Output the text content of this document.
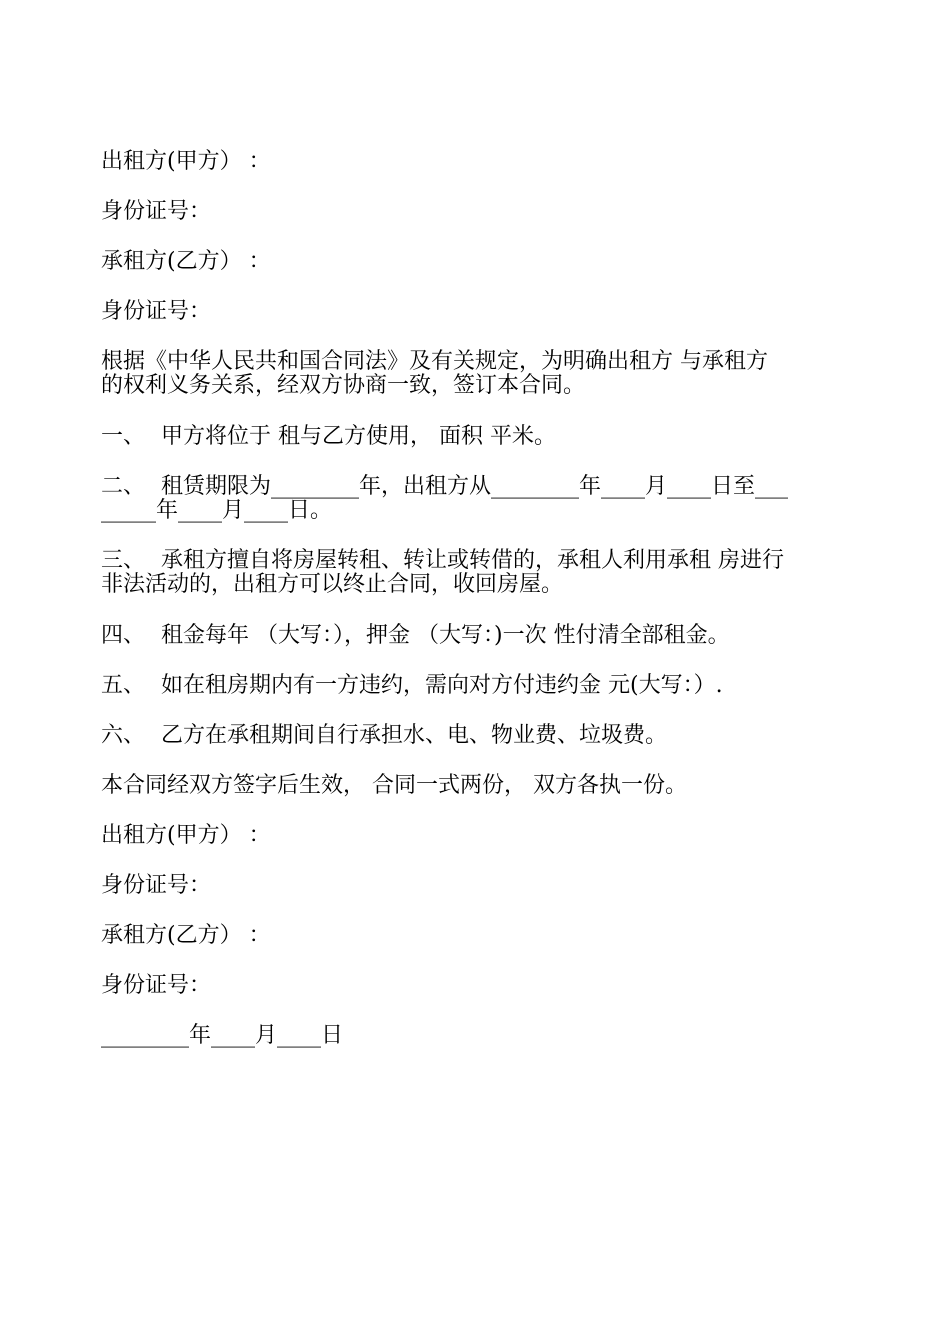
出租方(甲方） ：
身份证号：
承租方(乙方） ：
身份证号：
根据《中华人民共和国合同法》及有关规定，为明确出租方 与承租方
的权利义务关系，经双方协商一致，签订本合同。
一、 甲方将位于 租与乙方使用， 面积 平米。
二、 租赁期限为________年，出租方从________年____月____日至___
_____年____月____日。
三、 承租方擅自将房屋转租、转让或转借的，承租人利用承租 房进行
非法活动的，出租方可以终止合同，收回房屋。
四、 租金每年 （大写：），押金 （大写：)一次 性付清全部租金。
五、 如在租房期内有一方违约，需向对方付违约金 元(大写：）.
六、 乙方在承租期间自行承担水、电、物业费、垃圾费。
本合同经双方签字后生效， 合同一式两份， 双方各执一份。
出租方(甲方） ：
身份证号：
承租方(乙方） ：
身份证号：
________年____月____日
